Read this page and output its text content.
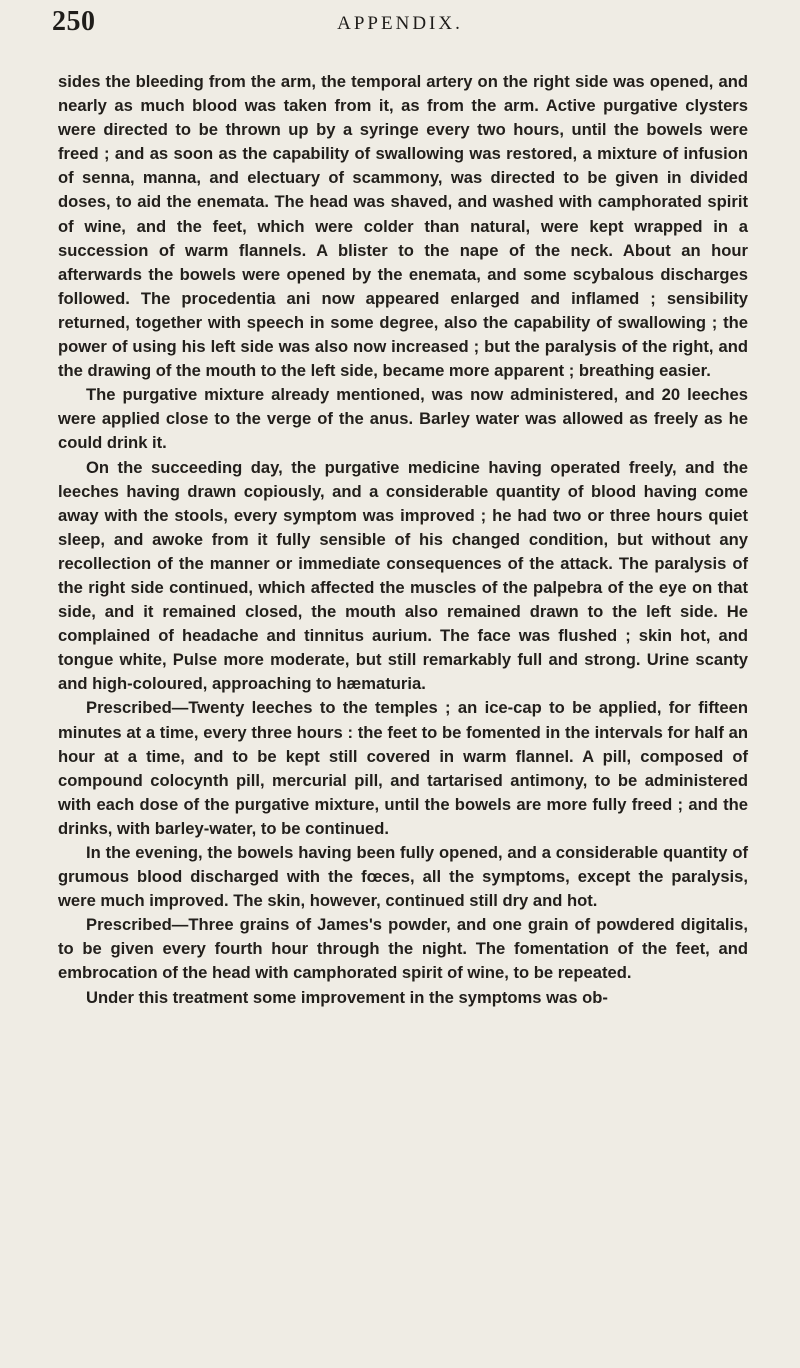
250	APPENDIX.

sides the bleeding from the arm, the temporal artery on the right side was opened, and nearly as much blood was taken from it, as from the arm. Active purgative clysters were directed to be thrown up by a syringe every two hours, until the bowels were freed ; and as soon as the capability of swallowing was restored, a mixture of infusion of senna, manna, and electuary of scammony, was directed to be given in divided doses, to aid the enemata. The head was shaved, and washed with camphorated spirit of wine, and the feet, which were colder than natural, were kept wrapped in a succession of warm flannels. A blister to the nape of the neck. About an hour afterwards the bowels were opened by the enemata, and some scybalous discharges followed. The procedentia ani now appeared enlarged and inflamed ; sensibility returned, together with speech in some degree, also the capability of swallowing ; the power of using his left side was also now increased ; but the paralysis of the right, and the drawing of the mouth to the left side, became more apparent ; breathing easier.

The purgative mixture already mentioned, was now administered, and 20 leeches were applied close to the verge of the anus. Barley water was allowed as freely as he could drink it.

On the succeeding day, the purgative medicine having operated freely, and the leeches having drawn copiously, and a considerable quantity of blood having come away with the stools, every symptom was improved ; he had two or three hours quiet sleep, and awoke from it fully sensible of his changed condition, but without any recollection of the manner or immediate consequences of the attack. The paralysis of the right side continued, which affected the muscles of the palpebra of the eye on that side, and it remained closed, the mouth also remained drawn to the left side. He complained of headache and tinnitus aurium. The face was flushed ; skin hot, and tongue white, Pulse more moderate, but still remarkably full and strong. Urine scanty and high-coloured, approaching to hæmaturia.

Prescribed—Twenty leeches to the temples ; an ice-cap to be applied, for fifteen minutes at a time, every three hours : the feet to be fomented in the intervals for half an hour at a time, and to be kept still covered in warm flannel. A pill, composed of compound colocynth pill, mercurial pill, and tartarised antimony, to be administered with each dose of the purgative mixture, until the bowels are more fully freed ; and the drinks, with barley-water, to be continued.

In the evening, the bowels having been fully opened, and a considerable quantity of grumous blood discharged with the fœces, all the symptoms, except the paralysis, were much improved. The skin, however, continued still dry and hot.

Prescribed—Three grains of James's powder, and one grain of powdered digitalis, to be given every fourth hour through the night. The fomentation of the feet, and embrocation of the head with camphorated spirit of wine, to be repeated.

Under this treatment some improvement in the symptoms was ob-
